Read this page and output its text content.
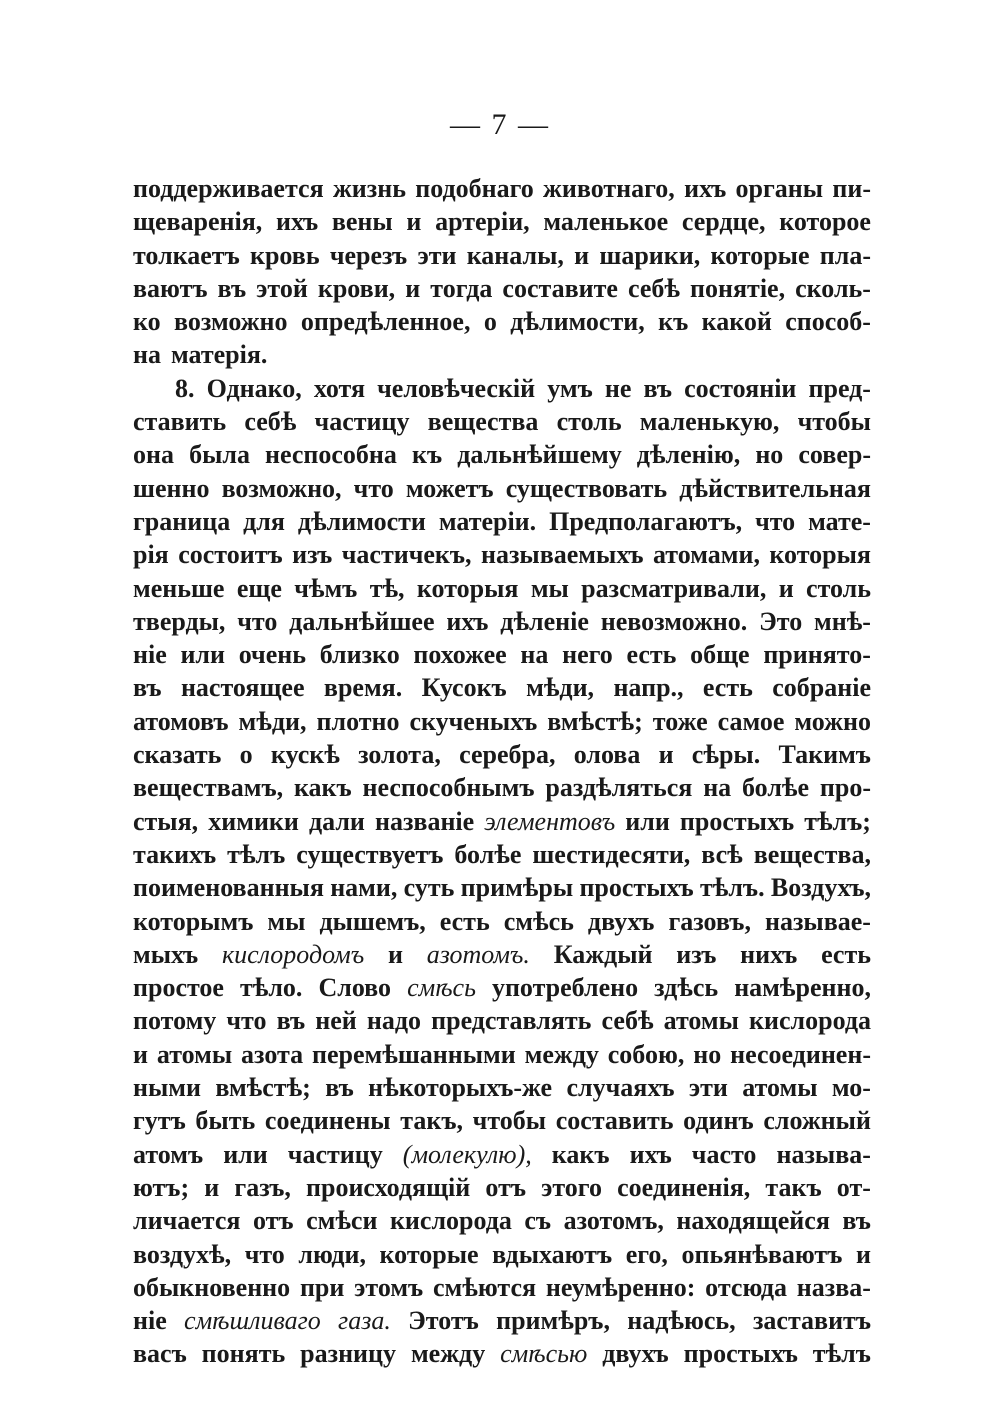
— 7 —
поддерживается жизнь подобнаго животнаго, ихъ органы пи-
щеваренія, ихъ вены и артеріи, маленькое сердце, которое
толкаетъ кровь черезъ эти каналы, и шарики, которые пла-
ваютъ въ этой крови, и тогда составите себѣ понятіе, сколь-
ко возможно опредѣленное, о дѣлимости, къ какой способ-
на матерія.
8. Однако, хотя человѣческій умъ не въ состояніи пред-
ставить себѣ частицу вещества столь маленькую, чтобы
она была неспособна къ дальнѣйшему дѣленію, но совер-
шенно возможно, что можетъ существовать дѣйствительная
граница для дѣлимости матеріи. Предполагаютъ, что мате-
рія состоитъ изъ частичекъ, называемыхъ атомами, которыя
меньше еще чѣмъ тѣ, которыя мы разсматривали, и столь
тверды, что дальнѣйшее ихъ дѣленіе невозможно. Это мнѣ-
ніе или очень близко похожее на него есть обще принято-
въ настоящее время. Кусокъ мѣди, напр., есть собраніе
атомовъ мѣди, плотно скученыхъ вмѣстѣ; тоже самое можно
сказать о кускѣ золота, серебра, олова и сѣры. Такимъ
веществамъ, какъ неспособнымъ раздѣляться на болѣе про-
стыя, химики дали названіе элементовъ или простыхъ тѣлъ;
такихъ тѣлъ существуетъ болѣе шестидесяти, всѣ вещества,
поименованныя нами, суть примѣры простыхъ тѣлъ. Воздухъ,
которымъ мы дышемъ, есть смѣсь двухъ газовъ, называе-
мыхъ кислородомъ и азотомъ. Каждый изъ нихъ есть
простое тѣло. Слово смѣсь употреблено здѣсь намѣренно,
потому что въ ней надо представлять себѣ атомы кислорода
и атомы азота перемѣшанными между собою, но несоединен-
ными вмѣстѣ; въ нѣкоторыхъ-же случаяхъ эти атомы мо-
гутъ быть соединены такъ, чтобы составить одинъ сложный
атомъ или частицу (молекулю), какъ ихъ часто называ-
ютъ; и газъ, происходящій отъ этого соединенія, такъ от-
личается отъ смѣси кислорода съ азотомъ, находящейся въ
воздухѣ, что люди, которые вдыхаютъ его, опьянѣваютъ и
обыкновенно при этомъ смѣются неумѣренно: отсюда назва-
ніе смѣшливаго газа. Этотъ примѣръ, надѣюсь, заставитъ
васъ понять разницу между смѣсью двухъ простыхъ тѣлъ
